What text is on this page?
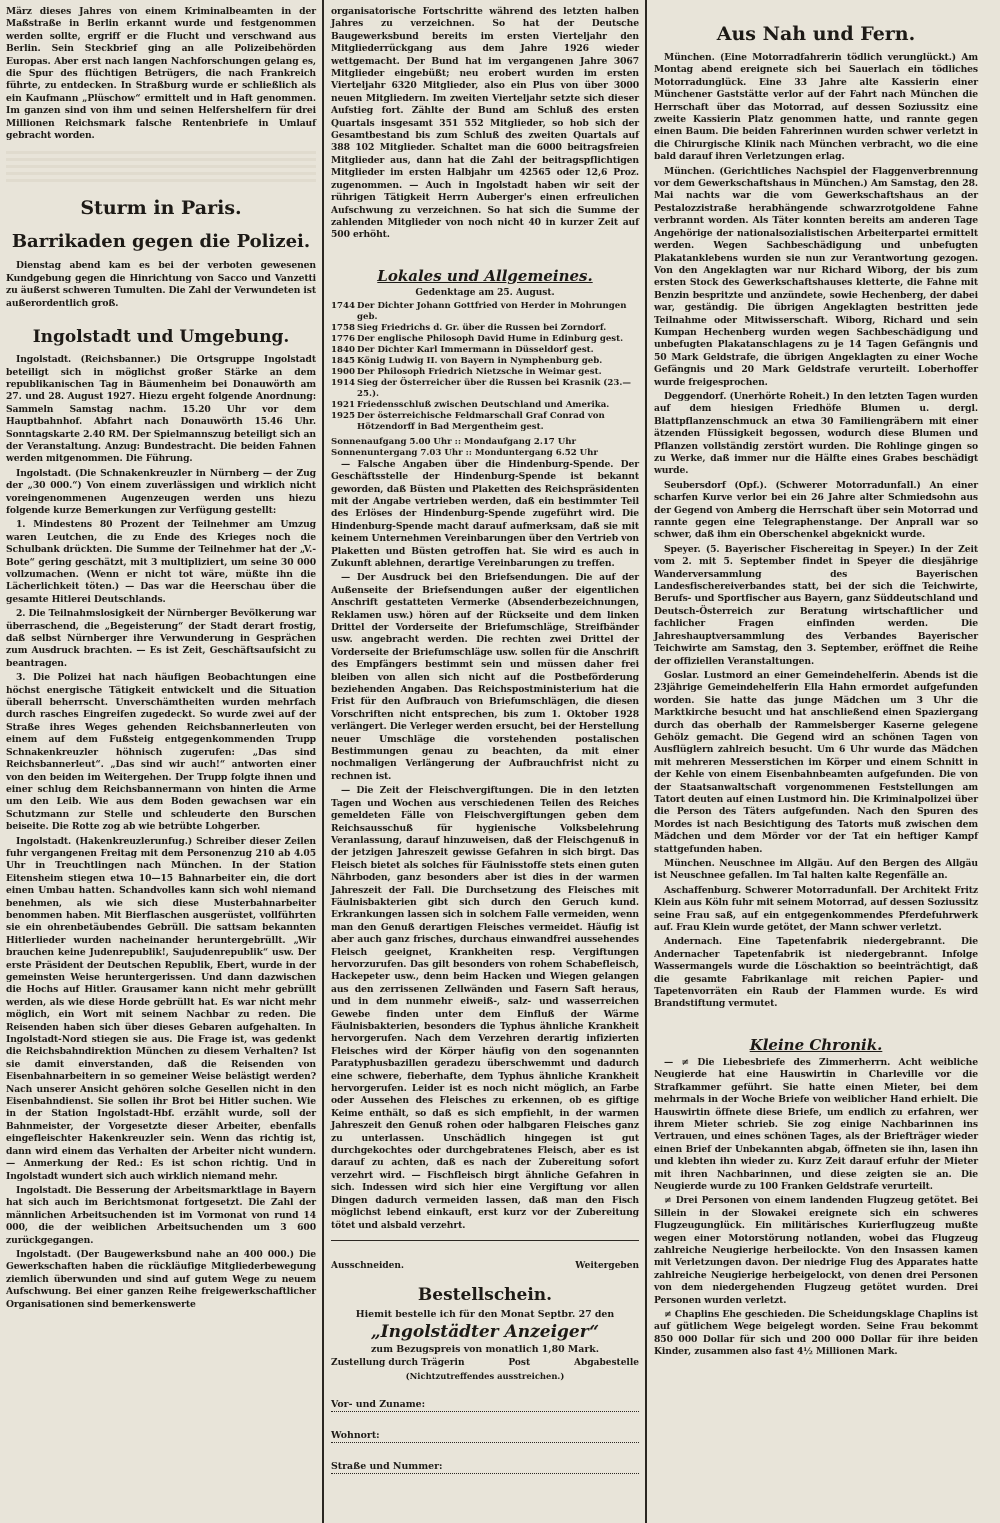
März dieses Jahres von einem Kriminalbeamten in der Maßstraße in Berlin erkannt wurde und festgenommen werden sollte, ergriff er die Flucht und verschwand aus Berlin. Sein Steckbrief ging an alle Polizeibehörden Europas. Aber erst nach langen Nachforschungen gelang es, die Spur des flüchtigen Betrügers, die nach Frankreich führte, zu entdecken. In Straßburg wurde er schließlich als ein Kaufmann „Plüschow“ ermittelt und in Haft genommen. Im ganzen sind von ihm und seinen Helfershelfern für drei Millionen Reichsmark falsche Rentenbriefe in Umlauf gebracht worden.

Sturm in Paris.
Barrikaden gegen die Polizei.

Dienstag abend kam es bei der verboten gewesenen Kundgebung gegen die Hinrichtung von Sacco und Vanzetti zu äußerst schweren Tumulten. Die Zahl der Verwundeten ist außerordentlich groß.

Ingolstadt und Umgebung.

Ingolstadt. (Reichsbanner.) Die Ortsgruppe Ingolstadt beteiligt sich in möglichst großer Stärke an dem republikanischen Tag in Bäumenheim bei Donauwörth am 27. und 28. August 1927. Hiezu ergeht folgende Anordnung: Sammeln Samstag nachm. 15.20 Uhr vor dem Hauptbahnhof. Abfahrt nach Donauwörth 15.46 Uhr. Sonntagskarte 2.40 RM. Der Spielmannszug beteiligt sich an der Veranstaltung. Anzug: Bundestracht. Die beiden Fahnen werden mitgenommen. Die Führung.

Ingolstadt. (Die Schnakenkreuzler in Nürnberg — der Zug der „30 000.“) Von einem zuverlässigen und wirklich nicht voreingenommenen Augenzeugen werden uns hiezu folgende kurze Bemerkungen zur Verfügung gestellt:

1. Mindestens 80 Prozent der Teilnehmer am Umzug waren Leutchen, die zu Ende des Krieges noch die Schulbank drückten. Die Summe der Teilnehmer hat der „V.-Bote“ gering geschätzt, mit 3 multipliziert, um seine 30 000 vollzumachen. (Wenn er nicht tot wäre, müßte ihn die Lächerlichkeit töten.) — Das war die Heerschau über die gesamte Hitlerei Deutschlands.

2. Die Teilnahmslosigkeit der Nürnberger Bevölkerung war überraschend, die „Begeisterung“ der Stadt derart frostig, daß selbst Nürnberger ihre Verwunderung in Gesprächen zum Ausdruck brachten. — Es ist Zeit, Geschäftsaufsicht zu beantragen.

3. Die Polizei hat nach häufigen Beobachtungen eine höchst energische Tätigkeit entwickelt und die Situation überall beherrscht. Unverschämtheiten wurden mehrfach durch rasches Eingreifen zugedeckt. So wurde zwei auf der Straße ihres Weges gehenden Reichsbannerleuten von einem auf dem Fußsteig entgegenkommenden Trupp Schnakenkreuzler höhnisch zugerufen: „Das sind Reichsbannerleut“. „Das sind wir auch!“ antworten einer von den beiden im Weitergehen. Der Trupp folgte ihnen und einer schlug dem Reichsbannermann von hinten die Arme um den Leib. Wie aus dem Boden gewachsen war ein Schutzmann zur Stelle und schleuderte den Burschen beiseite. Die Rotte zog ab wie betrübte Lohgerber.

Ingolstadt. (Hakenkreuzlerunfug.) Schreiber dieser Zeilen fuhr vergangenen Freitag mit dem Personenzug 210 ab 4.05 Uhr in Treuchtlingen nach München. In der Station Eitensheim stiegen etwa 10—15 Bahnarbeiter ein, die dort einen Umbau hatten. Schandvolles kann sich wohl niemand benehmen, als wie sich diese Musterbahnarbeiter benommen haben. Mit Bierflaschen ausgerüstet, vollführten sie ein ohrenbetäubendes Gebrüll. Die sattsam bekannten Hitlerlieder wurden nacheinander heruntergebrüllt. „Wir brauchen keine Judenrepublik!, Saujudenrepublik“ usw. Der erste Präsident der Deutschen Republik, Ebert, wurde in der gemeinsten Weise heruntergerissen. Und dann dazwischen die Hochs auf Hitler. Grausamer kann nicht mehr gebrüllt werden, als wie diese Horde gebrüllt hat. Es war nicht mehr möglich, ein Wort mit seinem Nachbar zu reden. Die Reisenden haben sich über dieses Gebaren aufgehalten. In Ingolstadt-Nord stiegen sie aus. Die Frage ist, was gedenkt die Reichsbahndirektion München zu diesem Verhalten? Ist sie damit einverstanden, daß die Reisenden von Eisenbahnarbeitern in so gemeiner Weise belästigt werden? Nach unserer Ansicht gehören solche Gesellen nicht in den Eisenbahndienst. Sie sollen ihr Brot bei Hitler suchen. Wie in der Station Ingolstadt-Hbf. erzählt wurde, soll der Bahnmeister, der Vorgesetzte dieser Arbeiter, ebenfalls eingefleischter Hakenkreuzler sein. Wenn das richtig ist, dann wird einem das Verhalten der Arbeiter nicht wundern. — Anmerkung der Red.: Es ist schon richtig. Und in Ingolstadt wundert sich auch wirklich niemand mehr.

Ingolstadt. Die Besserung der Arbeitsmarktlage in Bayern hat sich auch im Berichtsmonat fortgesetzt. Die Zahl der männlichen Arbeitsuchenden ist im Vormonat von rund 14 000, die der weiblichen Arbeitsuchenden um 3 600 zurückgegangen.

Ingolstadt. (Der Baugewerksbund nahe an 400 000.) Die Gewerkschaften haben die rückläufige Mitgliederbewegung ziemlich überwunden und sind auf gutem Wege zu neuem Aufschwung. Bei einer ganzen Reihe freigewerkschaftlicher Organisationen sind bemerkenswerte

organisatorische Fortschritte während des letzten halben Jahres zu verzeichnen. So hat der Deutsche Baugewerksbund bereits im ersten Vierteljahr den Mitgliederrückgang aus dem Jahre 1926 wieder wettgemacht. Der Bund hat im vergangenen Jahre 3067 Mitglieder eingebüßt; neu erobert wurden im ersten Vierteljahr 6320 Mitglieder, also ein Plus von über 3000 neuen Mitgliedern. Im zweiten Vierteljahr setzte sich dieser Aufstieg fort. Zählte der Bund am Schluß des ersten Quartals insgesamt 351 552 Mitglieder, so hob sich der Gesamtbestand bis zum Schluß des zweiten Quartals auf 388 102 Mitglieder. Schaltet man die 6000 beitragsfreien Mitglieder aus, dann hat die Zahl der beitragspflichtigen Mitglieder im ersten Halbjahr um 42565 oder 12,6 Proz. zugenommen. — Auch in Ingolstadt haben wir seit der rührigen Tätigkeit Herrn Auberger's einen erfreulichen Aufschwung zu verzeichnen. So hat sich die Summe der zahlenden Mitglieder von noch nicht 40 in kurzer Zeit auf 500 erhöht.

Lokales und Allgemeines.
Gedenktage am 25. August.
1744	Der Dichter Johann Gottfried von Herder in Mohrungen geb.
1758	Sieg Friedrichs d. Gr. über die Russen bei Zorndorf.
1776	Der englische Philosoph David Hume in Edinburg gest.
1840	Der Dichter Karl Immermann in Düsseldorf gest.
1845	König Ludwig II. von Bayern in Nymphenburg geb.
1900	Der Philosoph Friedrich Nietzsche in Weimar gest.
1914	Sieg der Österreicher über die Russen bei Krasnik (23.—25.).
1921	Friedensschluß zwischen Deutschland und Amerika.
1925	Der österreichische Feldmarschall Graf Conrad von Hötzendorff in Bad Mergentheim gest.
Sonnenaufgang 5.00 Uhr :: Mondaufgang 2.17 Uhr
Sonnenuntergang 7.03 Uhr :: Monduntergang 6.52 Uhr

— Falsche Angaben über die Hindenburg-Spende. Der Geschäftsstelle der Hindenburg-Spende ist bekannt geworden, daß Büsten und Plaketten des Reichspräsidenten mit der Angabe vertrieben werden, daß ein bestimmter Teil des Erlöses der Hindenburg-Spende zugeführt wird. Die Hindenburg-Spende macht darauf aufmerksam, daß sie mit keinem Unternehmen Vereinbarungen über den Vertrieb von Plaketten und Büsten getroffen hat. Sie wird es auch in Zukunft ablehnen, derartige Vereinbarungen zu treffen.

— Der Ausdruck bei den Briefsendungen. Die auf der Außenseite der Briefsendungen außer der eigentlichen Anschrift gestatteten Vermerke (Absenderbezeichnungen, Reklamen usw.) hören auf der Rückseite und dem linken Drittel der Vorderseite der Briefumschläge, Streifbänder usw. angebracht werden. Die rechten zwei Drittel der Vorderseite der Briefumschläge usw. sollen für die Anschrift des Empfängers bestimmt sein und müssen daher frei bleiben von allen sich nicht auf die Postbeförderung beziehenden Angaben. Das Reichspostministerium hat die Frist für den Aufbrauch von Briefumschlägen, die diesen Vorschriften nicht entsprechen, bis zum 1. Oktober 1928 verlängert. Die Verleger werden ersucht, bei der Herstellung neuer Umschläge die vorstehenden postalischen Bestimmungen genau zu beachten, da mit einer nochmaligen Verlängerung der Aufbrauchfrist nicht zu rechnen ist.

— Die Zeit der Fleischvergiftungen. Die in den letzten Tagen und Wochen aus verschiedenen Teilen des Reiches gemeldeten Fälle von Fleischvergiftungen geben dem Reichsausschuß für hygienische Volksbelehrung Veranlassung, darauf hinzuweisen, daß der Fleischgenuß in der jetzigen Jahreszeit gewisse Gefahren in sich birgt. Das Fleisch bietet als solches für Fäulnisstoffe stets einen guten Nährboden, ganz besonders aber ist dies in der warmen Jahreszeit der Fall. Die Durchsetzung des Fleisches mit Fäulnisbakterien gibt sich durch den Geruch kund. Erkrankungen lassen sich in solchem Falle vermeiden, wenn man den Genuß derartigen Fleisches vermeidet. Häufig ist aber auch ganz frisches, durchaus einwandfrei aussehendes Fleisch geeignet, Krankheiten resp. Vergiftungen hervorzurufen. Das gilt besonders von rohem Schabefleisch, Hackepeter usw., denn beim Hacken und Wiegen gelangen aus den zerrissenen Zellwänden und Fasern Saft heraus, und in dem nunmehr eiweiß-, salz- und wasserreichen Gewebe finden unter dem Einfluß der Wärme Fäulnisbakterien, besonders die Typhus ähnliche Krankheit hervorgerufen. Nach dem Verzehren derartig infizierten Fleisches wird der Körper häufig von den sogenannten Paratyphusbazillen geradezu überschwemmt und dadurch eine schwere, fieberhafte, dem Typhus ähnliche Krankheit hervorgerufen. Leider ist es noch nicht möglich, an Farbe oder Aussehen des Fleisches zu erkennen, ob es giftige Keime enthält, so daß es sich empfiehlt, in der warmen Jahreszeit den Genuß rohen oder halbgaren Fleisches ganz zu unterlassen. Unschädlich hingegen ist gut durchgekochtes oder durchgebratenes Fleisch, aber es ist darauf zu achten, daß es nach der Zubereitung sofort verzehrt wird. — Fischfleisch birgt ähnliche Gefahren in sich. Indessen wird sich hier eine Vergiftung vor allen Dingen dadurch vermeiden lassen, daß man den Fisch möglichst lebend einkauft, erst kurz vor der Zubereitung tötet und alsbald verzehrt.

Ausschneiden.	Weitergeben
Bestellschein.
Hiemit bestelle ich für den Monat Septbr. 27 den
„Ingolstädter Anzeiger“
zum Bezugspreis von monatlich 1,80 Mark.
Zustellung durch Trägerin	Post	Abgabestelle
(Nichtzutreffendes ausstreichen.)
Vor- und Zuname:
Wohnort:
Straße und Nummer:
Aus Nah und Fern.

München. (Eine Motorradfahrerin tödlich verunglückt.) Am Montag abend ereignete sich bei Sauerlach ein tödliches Motorradunglück. Eine 33 Jahre alte Kassierin einer Münchener Gaststätte verlor auf der Fahrt nach München die Herrschaft über das Motorrad, auf dessen Soziussitz eine zweite Kassierin Platz genommen hatte, und rannte gegen einen Baum. Die beiden Fahrerinnen wurden schwer verletzt in die Chirurgische Klinik nach München verbracht, wo die eine bald darauf ihren Verletzungen erlag.

München. (Gerichtliches Nachspiel der Flaggenverbrennung vor dem Gewerkschaftshaus in München.) Am Samstag, den 28. Mai nachts war die vom Gewerkschaftshaus an der Pestalozzistraße herabhängende schwarzrotgoldene Fahne verbrannt worden. Als Täter konnten bereits am anderen Tage Angehörige der nationalsozialistischen Arbeiterpartei ermittelt werden. Wegen Sachbeschädigung und unbefugten Plakatanklebens wurden sie nun zur Verantwortung gezogen. Von den Angeklagten war nur Richard Wiborg, der bis zum ersten Stock des Gewerkschaftshauses kletterte, die Fahne mit Benzin bespritzte und anzündete, sowie Hechenberg, der dabei war, geständig. Die übrigen Angeklagten bestritten jede Teilnahme oder Mitwisserschaft. Wiborg, Richard und sein Kumpan Hechenberg wurden wegen Sachbeschädigung und unbefugten Plakatanschlagens zu je 14 Tagen Gefängnis und 50 Mark Geldstrafe, die übrigen Angeklagten zu einer Woche Gefängnis und 20 Mark Geldstrafe verurteilt. Loberhoffer wurde freigesprochen.

Deggendorf. (Unerhörte Roheit.) In den letzten Tagen wurden auf dem hiesigen Friedhöfe Blumen u. dergl. Blattpflanzenschmuck an etwa 30 Familiengräbern mit einer ätzenden Flüssigkeit begossen, wodurch diese Blumen und Pflanzen vollständig zerstört wurden. Die Rohlinge gingen so zu Werke, daß immer nur die Hälfte eines Grabes beschädigt wurde.

Seubersdorf (Opf.). (Schwerer Motorradunfall.) An einer scharfen Kurve verlor bei ein 26 Jahre alter Schmiedsohn aus der Gegend von Amberg die Herrschaft über sein Motorrad und rannte gegen eine Telegraphenstange. Der Anprall war so schwer, daß ihm ein Oberschenkel abgeknickt wurde.

Speyer. (5. Bayerischer Fischereitag in Speyer.) In der Zeit vom 2. mit 5. September findet in Speyer die diesjährige Wanderversammlung des Bayerischen Landesfischereiverbandes statt, bei der sich die Teichwirte, Berufs- und Sportfischer aus Bayern, ganz Süddeutschland und Deutsch-Österreich zur Beratung wirtschaftlicher und fachlicher Fragen einfinden werden. Die Jahreshauptversammlung des Verbandes Bayerischer Teichwirte am Samstag, den 3. September, eröffnet die Reihe der offiziellen Veranstaltungen.

Goslar. Lustmord an einer Gemeindehelferin. Abends ist die 23jährige Gemeindehelferin Ella Hahn ermordet aufgefunden worden. Sie hatte das junge Mädchen um 3 Uhr die Marktkirche besucht und hat anschließend einen Spaziergang durch das oberhalb der Rammelsberger Kaserne gelegene Gehölz gemacht. Die Gegend wird an schönen Tagen von Ausflüglern zahlreich besucht. Um 6 Uhr wurde das Mädchen mit mehreren Messerstichen im Körper und einem Schnitt in der Kehle von einem Eisenbahnbeamten aufgefunden. Die von der Staatsanwaltschaft vorgenommenen Feststellungen am Tatort deuten auf einen Lustmord hin. Die Kriminalpolizei über die Person des Täters aufgefunden. Nach den Spuren des Mordes ist nach Besichtigung des Tatorts muß zwischen dem Mädchen und dem Mörder vor der Tat ein heftiger Kampf stattgefunden haben.

München. Neuschnee im Allgäu. Auf den Bergen des Allgäu ist Neuschnee gefallen. Im Tal halten kalte Regenfälle an.

Aschaffenburg. Schwerer Motorradunfall. Der Architekt Fritz Klein aus Köln fuhr mit seinem Motorrad, auf dessen Soziussitz seine Frau saß, auf ein entgegenkommendes Pferdefuhrwerk auf. Frau Klein wurde getötet, der Mann schwer verletzt.

Andernach. Eine Tapetenfabrik niedergebrannt. Die Andernacher Tapetenfabrik ist niedergebrannt. Infolge Wassermangels wurde die Löschaktion so beeinträchtigt, daß die gesamte Fabrikanlage mit reichen Papier- und Tapetenvorräten ein Raub der Flammen wurde. Es wird Brandstiftung vermutet.

Kleine Chronik.

— ≠ Die Liebesbriefe des Zimmerherrn. Acht weibliche Neugierde hat eine Hauswirtin in Charleville vor die Strafkammer geführt. Sie hatte einen Mieter, bei dem mehrmals in der Woche Briefe von weiblicher Hand erhielt. Die Hauswirtin öffnete diese Briefe, um endlich zu erfahren, wer ihrem Mieter schrieb. Sie zog einige Nachbarinnen ins Vertrauen, und eines schönen Tages, als der Briefträger wieder einen Brief der Unbekannten abgab, öffneten sie ihn, lasen ihn und klebten ihn wieder zu. Kurz Zeit darauf erfuhr der Mieter mit ihren Nachbarinnen, und diese zeigten sie an. Die Neugierde wurde zu 100 Franken Geldstrafe verurteilt.

≠ Drei Personen von einem landenden Flugzeug getötet. Bei Sillein in der Slowakei ereignete sich ein schweres Flugzeugunglück. Ein militärisches Kurierflugzeug mußte wegen einer Motorstörung notlanden, wobei das Flugzeug zahlreiche Neugierige herbeilockte. Von den Insassen kamen mit Verletzungen davon. Der niedrige Flug des Apparates hatte zahlreiche Neugierige herbeigelockt, von denen drei Personen von dem niedergehenden Flugzeug getötet wurden. Drei Personen wurden verletzt.

≠ Chaplins Ehe geschieden. Die Scheidungsklage Chaplins ist auf gütlichem Wege beigelegt worden. Seine Frau bekommt 850 000 Dollar für sich und 200 000 Dollar für ihre beiden Kinder, zusammen also fast 4½ Millionen Mark.
